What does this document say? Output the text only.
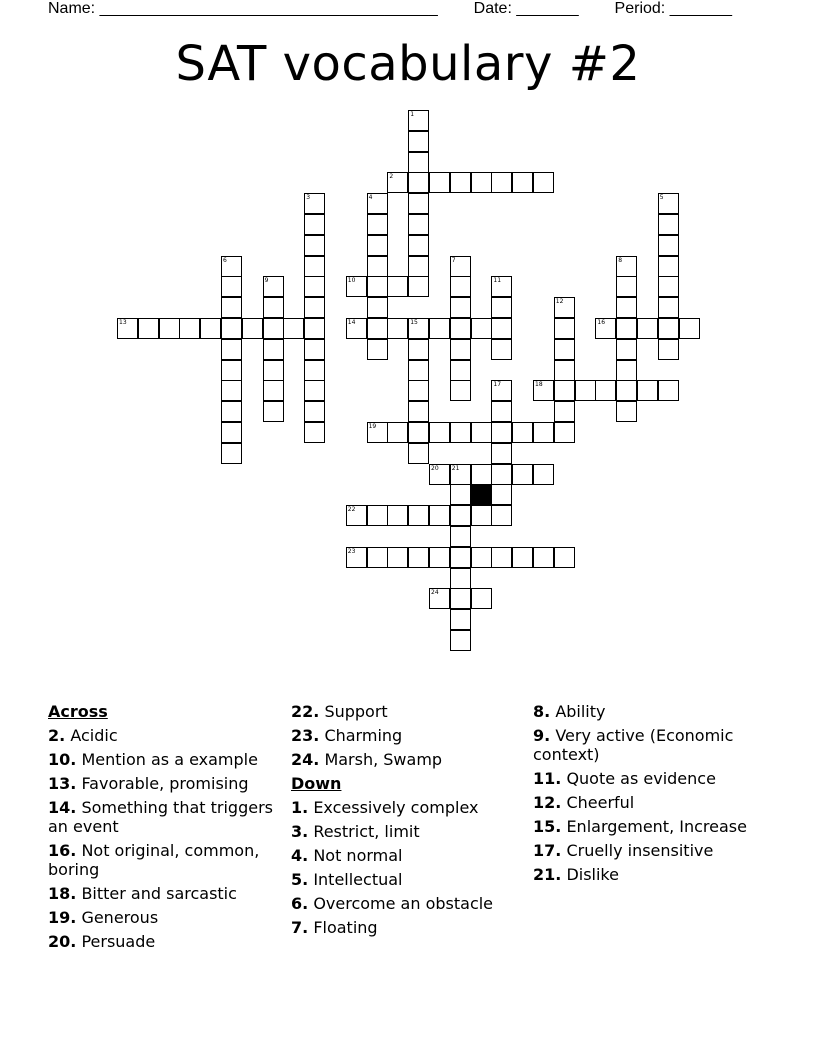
Name: ______________________________________ Date: _______ Period: _______
SAT vocabulary #2
1
2
3	4	5
6	7	8
9	10	11
12
13	14	15	16
17	18
19
20 21
22
23
24
Across
2. Acidic
10. Mention as a example
13. Favorable, promising
14. Something that triggers an event
16. Not original, common, boring
18. Bitter and sarcastic
19. Generous
20. Persuade
22. Support
23. Charming
24. Marsh, Swamp
Down
1. Excessively complex
3. Restrict, limit
4. Not normal
5. Intellectual
6. Overcome an obstacle
7. Floating
8. Ability
9. Very active (Economic context)
11. Quote as evidence
12. Cheerful
15. Enlargement, Increase
17. Cruelly insensitive
21. Dislike
